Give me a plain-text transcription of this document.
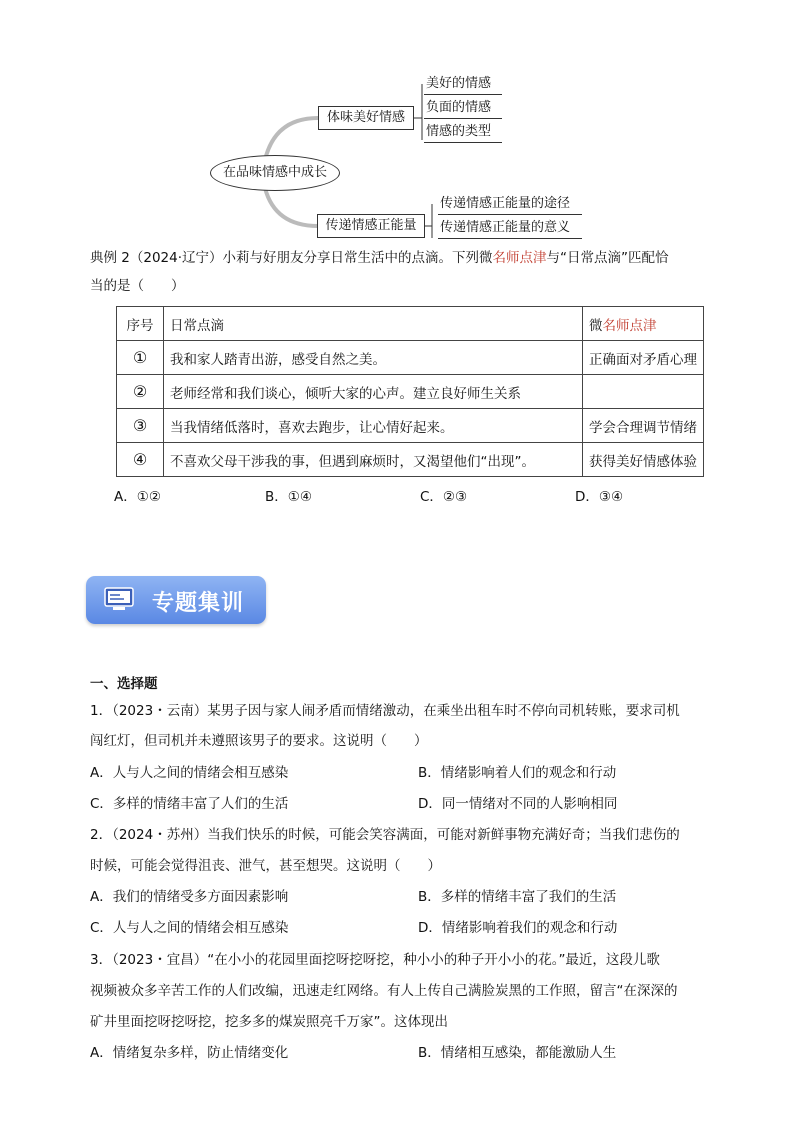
在品味情感中成长
体味美好情感
传递情感正能量
美好的情感
负面的情感
情感的类型
传递情感正能量的途径
传递情感正能量的意义
典例 2（2024·辽宁）小莉与好朋友分享日常生活中的点滴。下列微名师点津与“日常点滴”匹配恰
当的是（　　）
序号	日常点滴	微名师点津
①	我和家人踏青出游，感受自然之美。	正确面对矛盾心理
②	老师经常和我们谈心，倾听大家的心声。建立良好师生关系	
③	当我情绪低落时，喜欢去跑步，让心情好起来。	学会合理调节情绪
④	不喜欢父母干涉我的事，但遇到麻烦时，又渴望他们“出现”。	获得美好情感体验
A．①②	B．①④	C．②③	D．③④
专题集训
一、选择题
1．（2023・云南）某男子因与家人闹矛盾而情绪激动，在乘坐出租车时不停向司机转账，要求司机
闯红灯，但司机并未遵照该男子的要求。这说明（　　）
A．人与人之间的情绪会相互感染	B．情绪影响着人们的观念和行动
C．多样的情绪丰富了人们的生活	D．同一情绪对不同的人影响相同
2．（2024・苏州）当我们快乐的时候，可能会笑容满面，可能对新鲜事物充满好奇；当我们悲伤的
时候，可能会觉得沮丧、泄气，甚至想哭。这说明（　　）
A．我们的情绪受多方面因素影响	B．多样的情绪丰富了我们的生活
C．人与人之间的情绪会相互感染	D．情绪影响着我们的观念和行动
3．（2023・宜昌）“在小小的花园里面挖呀挖呀挖，种小小的种子开小小的花。”最近，这段儿歌
视频被众多辛苦工作的人们改编，迅速走红网络。有人上传自己满脸炭黑的工作照，留言“在深深的
矿井里面挖呀挖呀挖，挖多多的煤炭照亮千万家”。这体现出
A．情绪复杂多样，防止情绪变化	B．情绪相互感染，都能激励人生
